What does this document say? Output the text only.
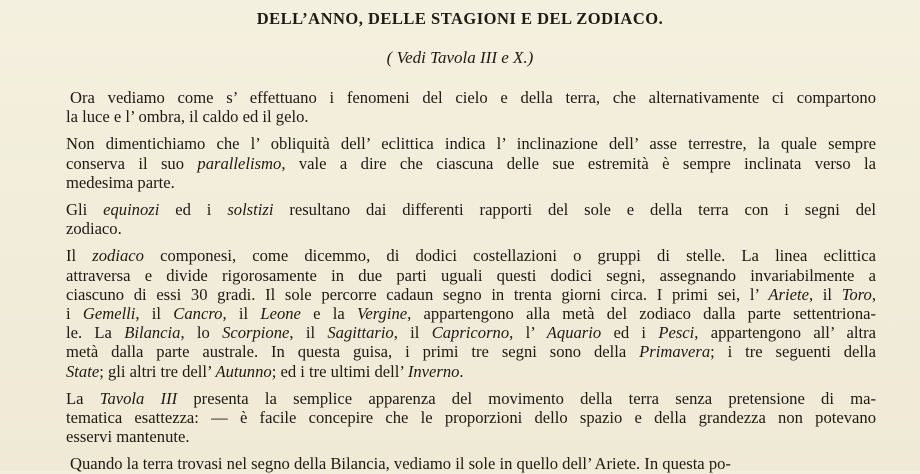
DELL’ANNO, DELLE STAGIONI E DEL ZODIACO.
( Vedi Tavola III e X.)

Ora vediamo come s’ effettuano i fenomeni del cielo e della terra, che alternativamente ci compartono

la luce e l’ ombra, il caldo ed il gelo.

Non dimentichiamo che l’ obliquità dell’ eclittica indica l’ inclinazione dell’ asse terrestre, la quale sempre

conserva il suo parallelismo, vale a dire che ciascuna delle sue estremità è sempre inclinata verso la

medesima parte.

Gli equinozi ed i solstizi resultano dai differenti rapporti del sole e della terra con i segni del

zodiaco.

Il zodiaco componesi, come dicemmo, di dodici costellazioni o gruppi di stelle. La linea eclittica

attraversa e divide rigorosamente in due parti uguali questi dodici segni, assegnando invariabilmente a

ciascuno di essi 30 gradi. Il sole percorre cadaun segno in trenta giorni circa. I primi sei, l’ Ariete, il Toro,

i Gemelli, il Cancro, il Leone e la Vergine, appartengono alla metà del zodiaco dalla parte settentriona-

le. La Bilancia, lo Scorpione, il Sagittario, il Capricorno, l’ Aquario ed i Pesci, appartengono all’ altra

metà dalla parte australe. In questa guisa, i primi tre segni sono della Primavera; i tre seguenti della

State; gli altri tre dell’ Autunno; ed i tre ultimi dell’ Inverno.

La Tavola III presenta la semplice apparenza del movimento della terra senza pretensione di ma-

tematica esattezza: — è facile concepire che le proporzioni dello spazio e della grandezza non potevano

esservi mantenute.

Quando la terra trovasi nel segno della Bilancia, vediamo il sole in quello dell’ Ariete. In questa po-
